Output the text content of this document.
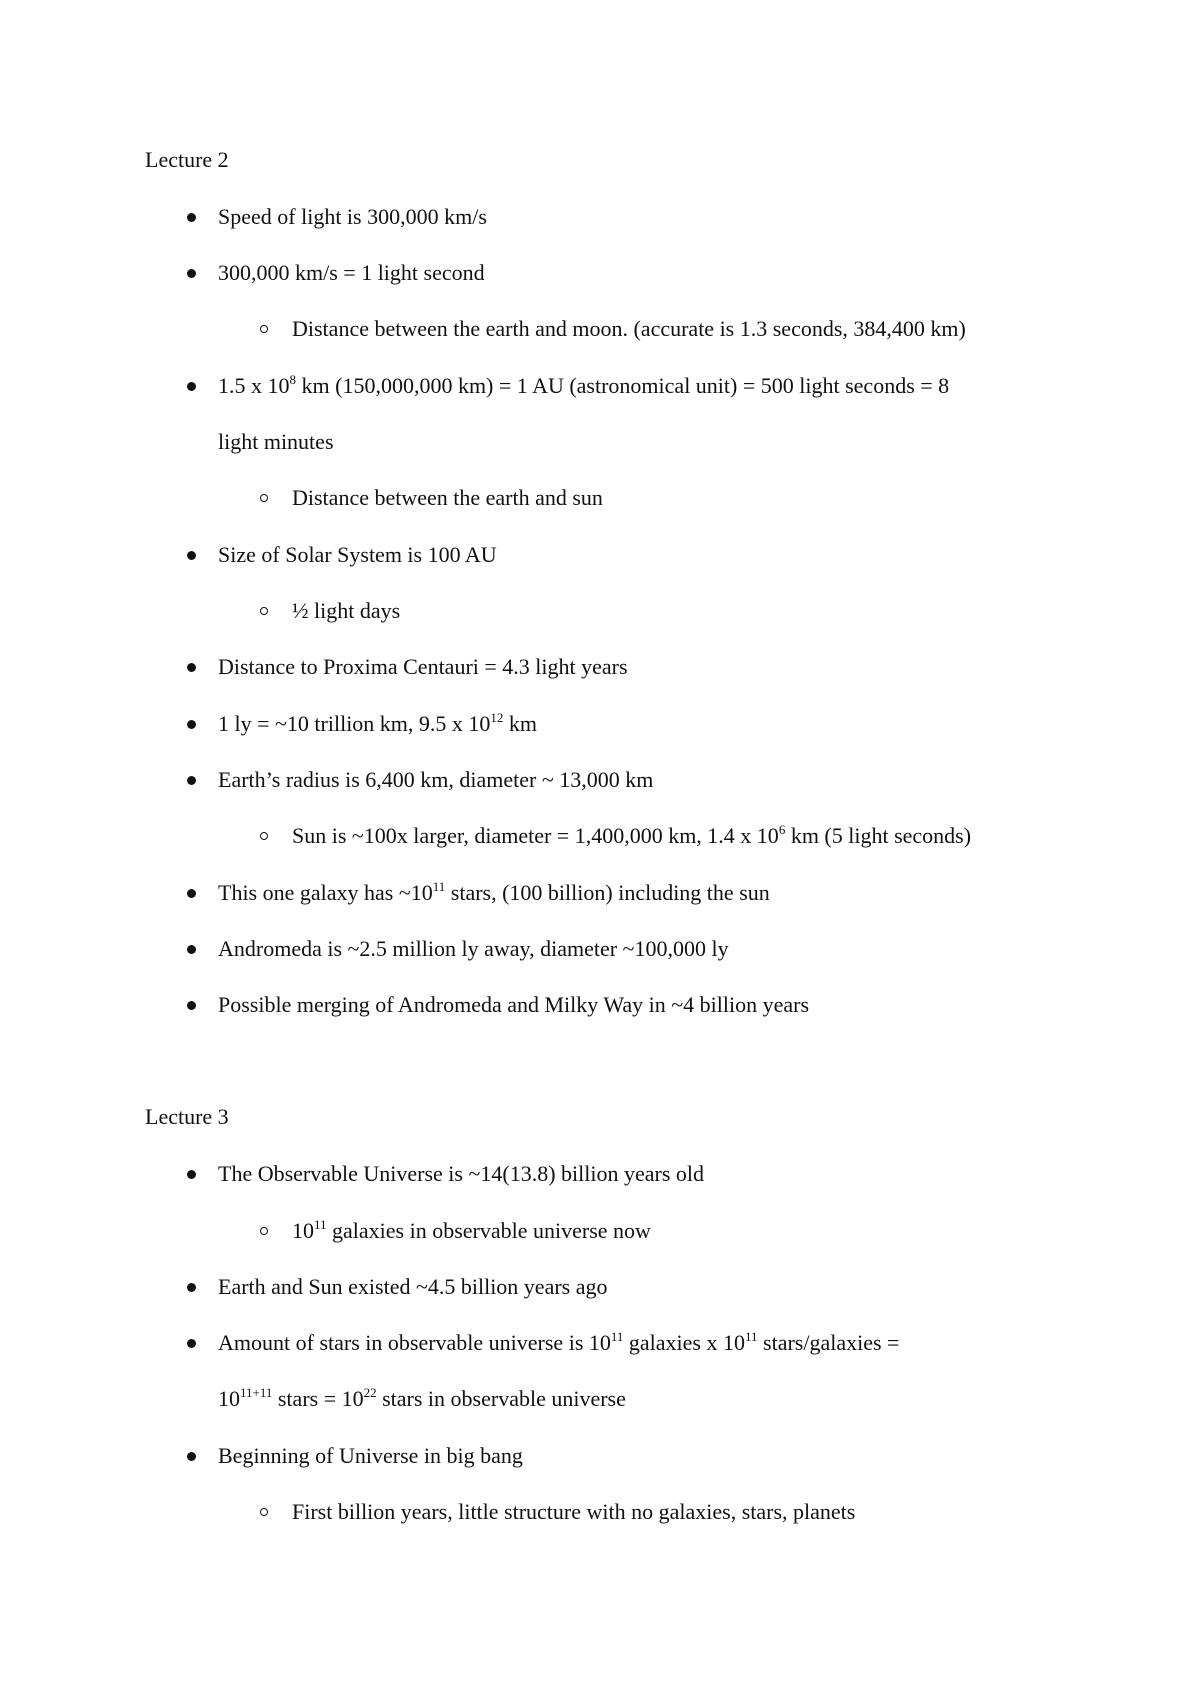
Lecture 2
Speed of light is 300,000 km/s
300,000 km/s = 1 light second
Distance between the earth and moon. (accurate is 1.3 seconds, 384,400 km)
1.5 x $10^8$ km (150,000,000 km) = 1 AU (astronomical unit) = 500 light seconds = 8
light minutes
Distance between the earth and sun
Size of Solar System is 100 AU
½ light days
Distance to Proxima Centauri = 4.3 light years
1 ly = ~10 trillion km, 9.5 x $10^{12}$ km
Earth’s radius is 6,400 km, diameter ~ 13,000 km
Sun is ~100x larger, diameter = 1,400,000 km, 1.4 x $10^6$ km (5 light seconds)
This one galaxy has $\sim 10^{11}$ stars, (100 billion) including the sun
Andromeda is ~2.5 million ly away, diameter ~100,000 ly
Possible merging of Andromeda and Milky Way in ~4 billion years
Lecture 3
The Observable Universe is ~14(13.8) billion years old
$10^{11}$ galaxies in observable universe now
Earth and Sun existed ~4.5 billion years ago
Amount of stars in observable universe is $10^{11}$ galaxies x $10^{11}$ stars/galaxies =
$10^{11+11}$ stars = $10^{22}$ stars in observable universe
Beginning of Universe in big bang
First billion years, little structure with no galaxies, stars, planets
